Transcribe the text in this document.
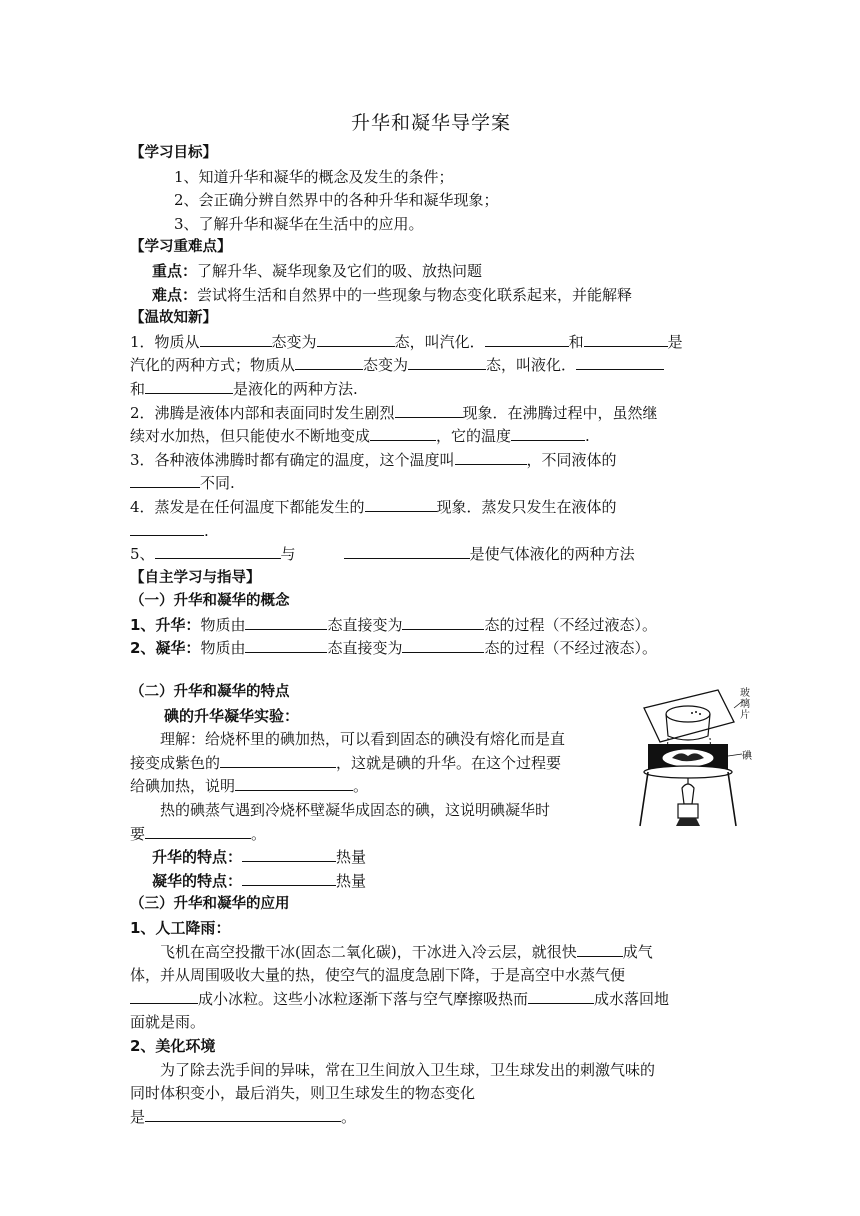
升华和凝华导学案
【学习目标】
1、知道升华和凝华的概念及发生的条件；
2、会正确分辨自然界中的各种升华和凝华现象；
3、了解升华和凝华在生活中的应用。
【学习重难点】
重点：了解升华、凝华现象及它们的吸、放热问题
难点：尝试将生活和自然界中的一些现象与物态变化联系起来，并能解释
【温故知新】
1．物质从	态变为	态，叫汽化．	和	是
汽化的两种方式；物质从	态变为	态，叫液化．
和	是液化的两种方法.
2．沸腾是液体内部和表面同时发生剧烈	现象．在沸腾过程中，虽然继
续对水加热，但只能使水不断地变成	，它的温度	.
3．各种液体沸腾时都有确定的温度，这个温度叫	，不同液体的
不同.
4．蒸发是在任何温度下都能发生的	现象．蒸发只发生在液体的
.
5、	与	是使气体液化的两种方法
【自主学习与指导】
（一）升华和凝华的概念
1、升华：物质由	态直接变为	态的过程（不经过液态）。
2、凝华：物质由	态直接变为	态的过程（不经过液态）。
（二）升华和凝华的特点
碘的升华凝华实验：
理解：给烧杯里的碘加热，可以看到固态的碘没有熔化而是直
接变成紫色的	，这就是碘的升华。在这个过程要
给碘加热，说明	。
热的碘蒸气遇到冷烧杯壁凝华成固态的碘，这说明碘凝华时
要	。
升华的特点：	热量
凝华的特点：	热量
（三）升华和凝华的应用
1、人工降雨：
飞机在高空投撒干冰(固态二氧化碳)，干冰进入冷云层，就很快	成气
体，并从周围吸收大量的热，使空气的温度急剧下降，于是高空中水蒸气便
成小冰粒。这些小冰粒逐渐下落与空气摩擦吸热而	成水落回地
面就是雨。
2、美化环境
为了除去洗手间的异味，常在卫生间放入卫生球，卫生球发出的刺激气味的
同时体积变小，最后消失，则卫生球发生的物态变化
是	。
玻璃片
碘
